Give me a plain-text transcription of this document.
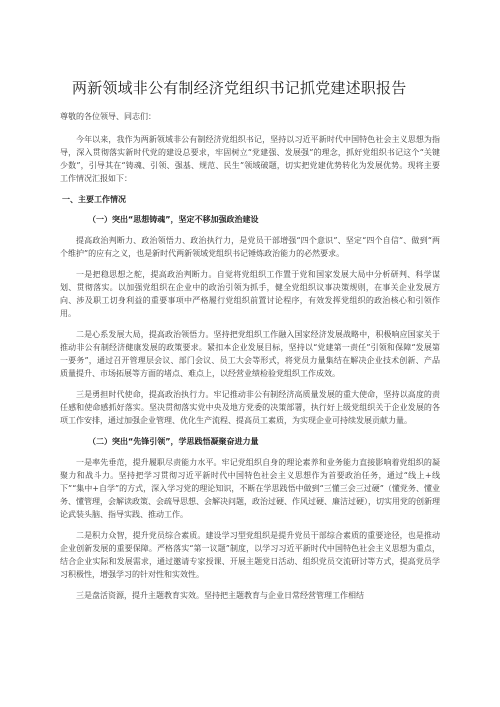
两新领域非公有制经济党组织书记抓党建述职报告

尊敬的各位领导、同志们：

今年以来，我作为两新领域非公有制经济党组织书记，坚持以习近平新时代中国特色社会主义思想为指导，深入贯彻落实新时代党的建设总要求，牢固树立“党建强、发展强”的理念，抓好党组织书记这个“关键少数”，引导其在“铸魂、引领、强基、规范、民生”领域破题，切实把党建优势转化为发展优势。现将主要工作情况汇报如下：

一、主要工作情况
（一）突出“思想铸魂”，坚定不移加强政治建设

提高政治判断力、政治领悟力、政治执行力，是党员干部增强“四个意识”、坚定“四个自信”、做到“两个维护”的应有之义，也是新时代两新领域党组织书记锤炼政治能力的必然要求。

一是把稳思想之舵，提高政治判断力。自觉将党组织工作置于党和国家发展大局中分析研判、科学谋划、贯彻落实。以加强党组织在企业中的政治引领为抓手，健全党组织议事决策规则，在事关企业发展方向、涉及职工切身利益的重要事项中严格履行党组织前置讨论程序，有效发挥党组织的政治核心和引领作用。

二是心系发展大局，提高政治领悟力。坚持把党组织工作融入国家经济发展战略中，积极响应国家关于推动非公有制经济健康发展的政策要求。紧扣本企业发展目标，坚持以“党建第一责任”引领和保障“发展第一要务”，通过召开管理层会议、部门会议、员工大会等形式，将党员力量集结在解决企业技术创新、产品质量提升、市场拓展等方面的堵点、难点上，以经营业绩检验党组织工作成效。

三是勇担时代使命，提高政治执行力。牢记推动非公有制经济高质量发展的重大使命，坚持以高度的责任感和使命感抓好落实。坚决贯彻落实党中央及地方党委的决策部署，执行好上级党组织关于企业发展的各项工作安排，通过加强企业管理、优化生产流程、提高员工素质，为实现企业可持续发展贡献力量。

（二）突出“先锋引领”，学思践悟凝聚奋进力量

一是率先垂范，提升履职尽责能力水平。牢记党组织自身的理论素养和业务能力直接影响着党组织的凝聚力和战斗力。坚持把学习贯彻习近平新时代中国特色社会主义思想作为首要政治任务，通过“线上+线下”“集中+自学”的方式，深入学习党的理论知识，不断在学思践悟中做到“三懂三会三过硬”（懂党务、懂业务、懂管理，会解读政策、会疏导思想、会解决问题，政治过硬、作风过硬、廉洁过硬），切实用党的创新理论武装头脑、指导实践、推动工作。

二是积力众智，提升党员综合素质。建设学习型党组织是提升党员干部综合素质的重要途径，也是推动企业创新发展的重要保障。严格落实“第一议题”制度，以学习习近平新时代中国特色社会主义思想为重点，结合企业实际和发展需求，通过邀请专家授课、开展主题党日活动、组织党员交流研讨等方式，提高党员学习积极性，增强学习的针对性和实效性。

三是盘活资源，提升主题教育实效。坚持把主题教育与企业日常经营管理工作相结
